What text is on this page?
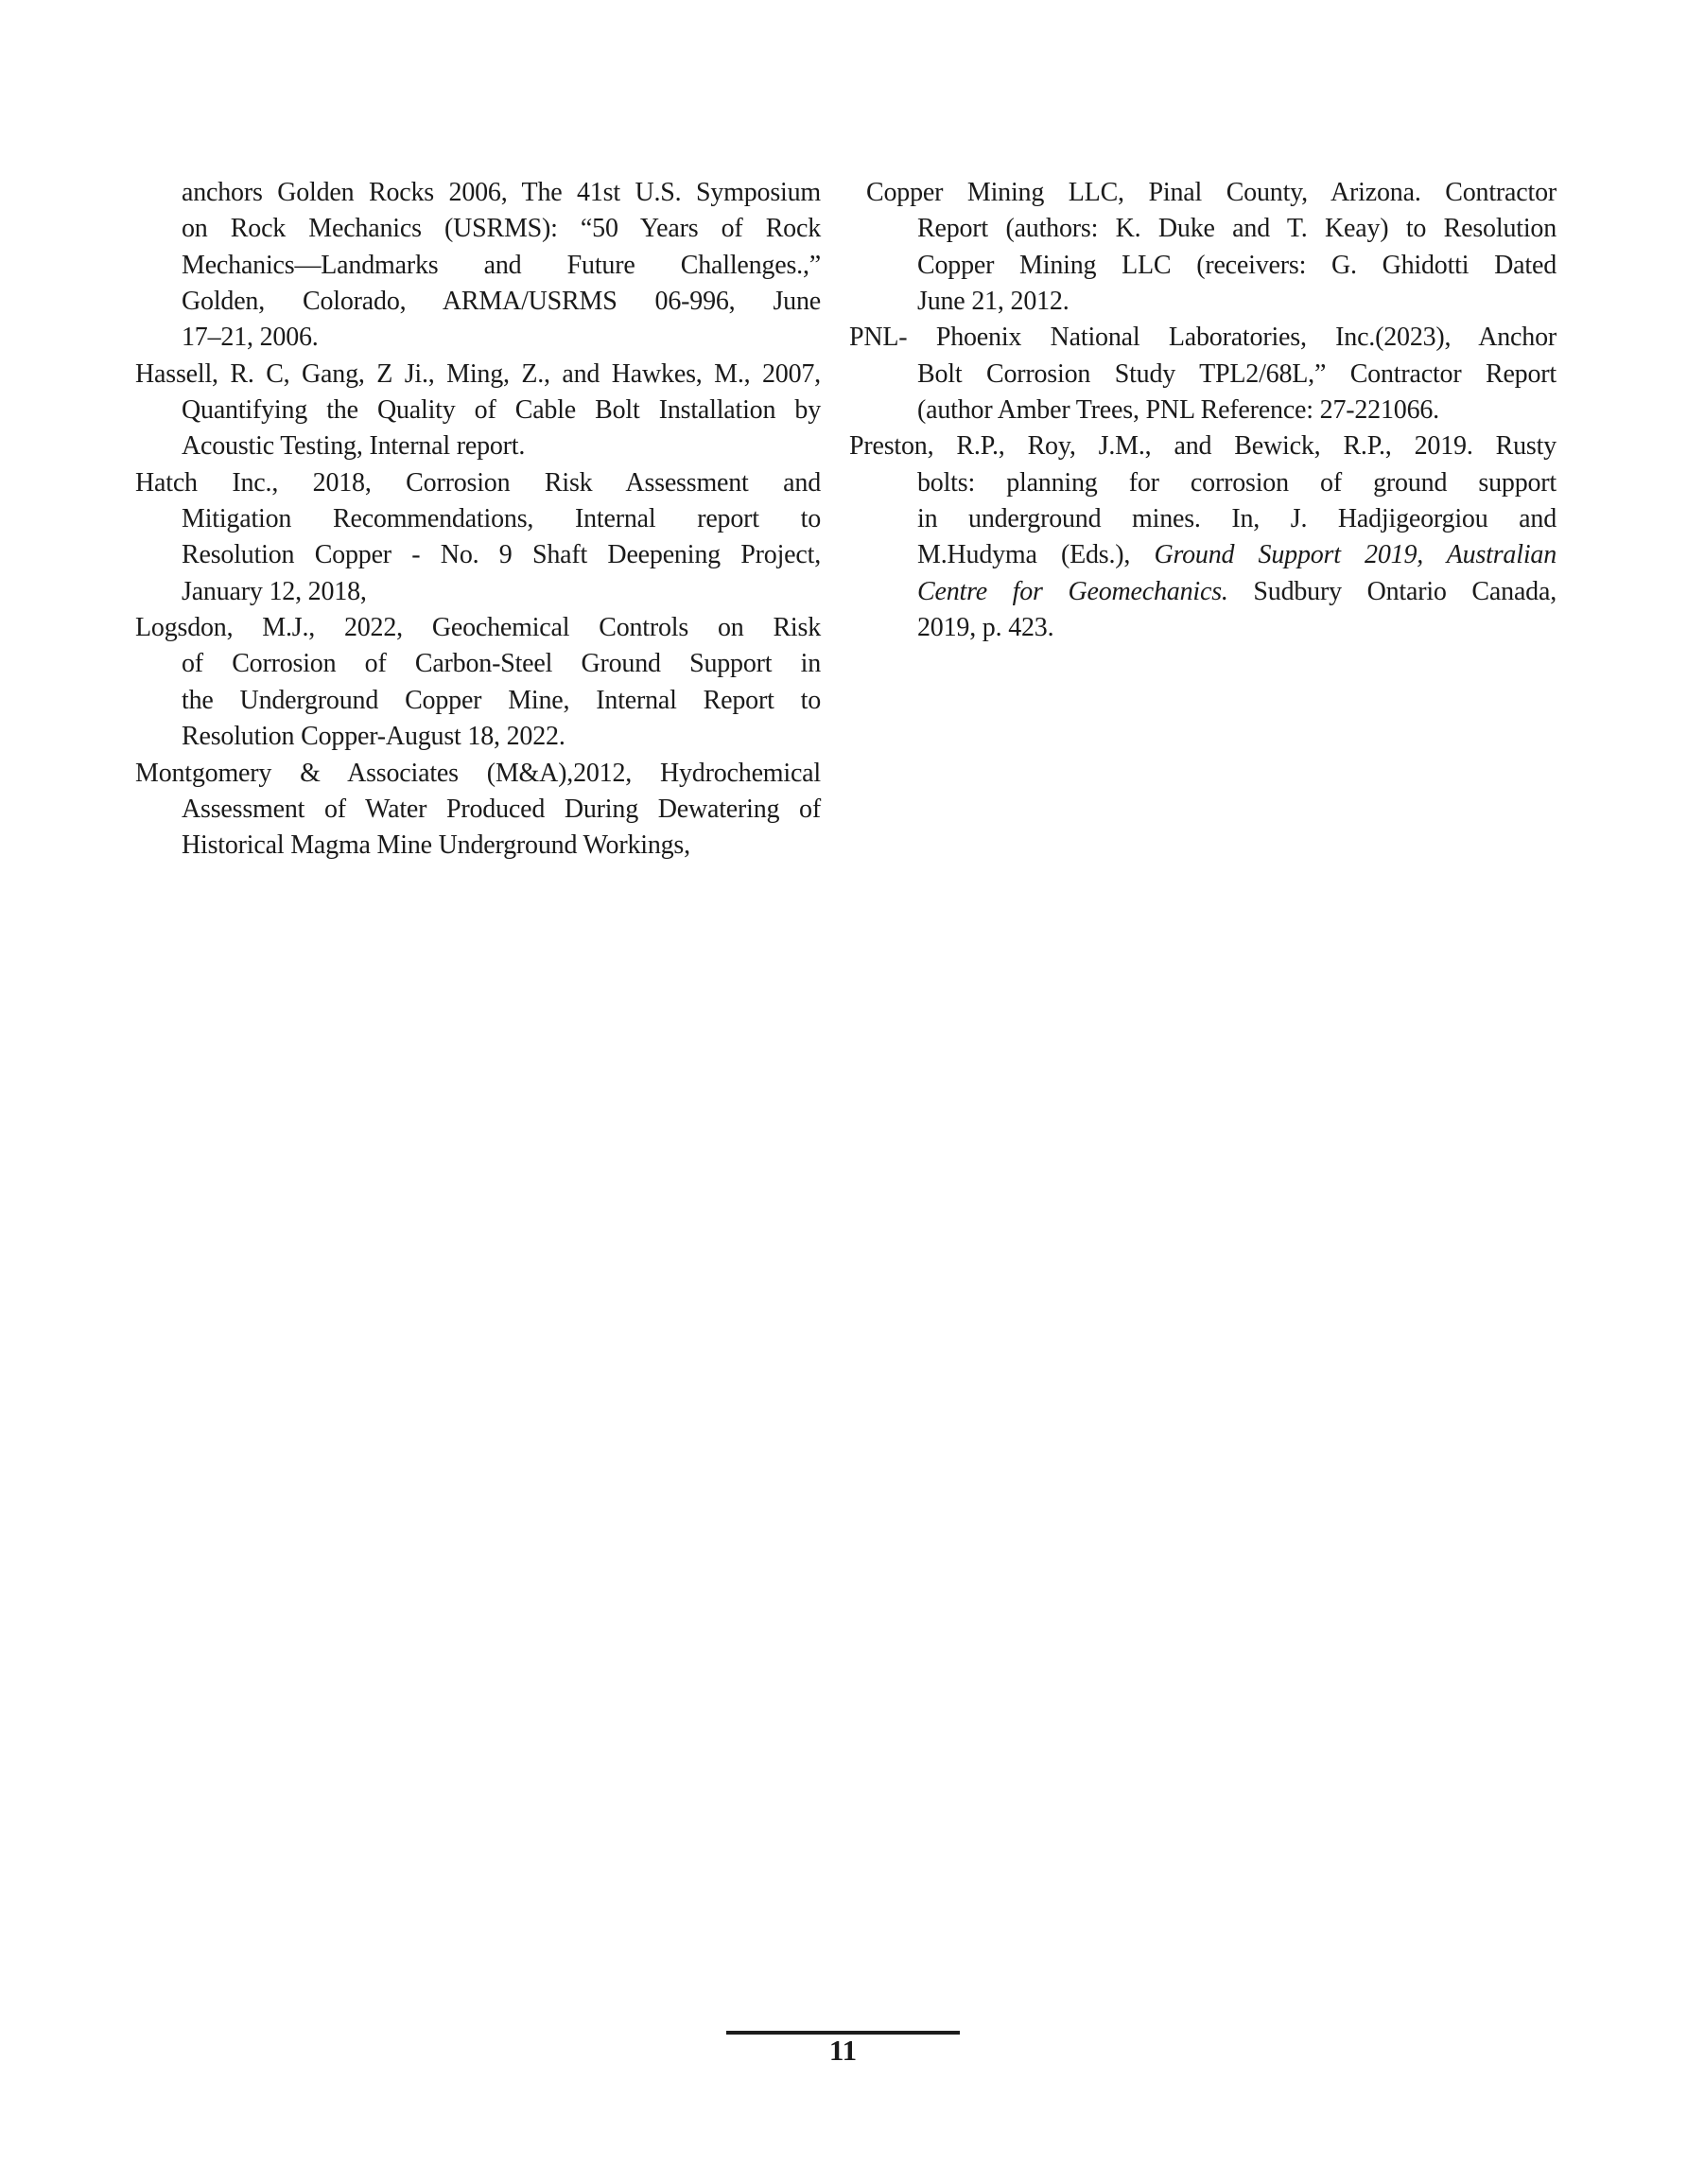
anchors Golden Rocks 2006, The 41st U.S. Symposium
on Rock Mechanics (USRMS): “50 Years of Rock
Mechanics—Landmarks and Future Challenges.,”
Golden, Colorado, ARMA/USRMS 06-996, June
17–21, 2006.
Hassell, R. C, Gang, Z Ji., Ming, Z., and Hawkes, M., 2007,
Quantifying the Quality of Cable Bolt Installation by
Acoustic Testing, Internal report.
Hatch Inc., 2018, Corrosion Risk Assessment and
Mitigation Recommendations, Internal report to
Resolution Copper - No. 9 Shaft Deepening Project,
January 12, 2018,
Logsdon, M.J., 2022, Geochemical Controls on Risk
of Corrosion of Carbon-Steel Ground Support in
the Underground Copper Mine, Internal Report to
Resolution Copper-August 18, 2022.
Montgomery & Associates (M&A),2012, Hydrochemical
Assessment of Water Produced During Dewatering of
Historical Magma Mine Underground Workings,
Copper Mining LLC, Pinal County, Arizona. Contractor
Report (authors: K. Duke and T. Keay) to Resolution
Copper Mining LLC (receivers: G. Ghidotti Dated
June 21, 2012.
PNL- Phoenix National Laboratories, Inc.(2023), Anchor
Bolt Corrosion Study TPL2/68L,” Contractor Report
(author Amber Trees, PNL Reference: 27-221066.
Preston, R.P., Roy, J.M., and Bewick, R.P., 2019. Rusty
bolts: planning for corrosion of ground support
in underground mines. In, J. Hadjigeorgiou and
M.Hudyma (Eds.), Ground Support 2019, Australian
Centre for Geomechanics. Sudbury Ontario Canada,
2019, p. 423.
11
